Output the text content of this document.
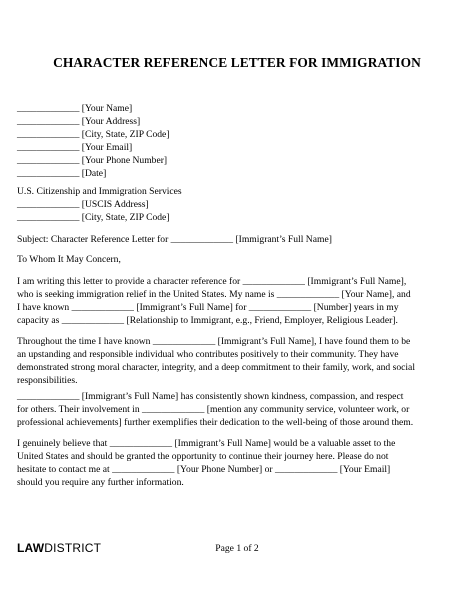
CHARACTER REFERENCE LETTER FOR IMMIGRATION
_____________ [Your Name]
_____________ [Your Address]
_____________ [City, State, ZIP Code]
_____________ [Your Email]
_____________ [Your Phone Number]
_____________ [Date]
U.S. Citizenship and Immigration Services
_____________ [USCIS Address]
_____________ [City, State, ZIP Code]
Subject: Character Reference Letter for _____________ [Immigrant’s Full Name]
To Whom It May Concern,
I am writing this letter to provide a character reference for _____________ [Immigrant’s Full Name],
who is seeking immigration relief in the United States. My name is _____________ [Your Name], and
I have known _____________ [Immigrant’s Full Name] for _____________ [Number] years in my
capacity as _____________ [Relationship to Immigrant, e.g., Friend, Employer, Religious Leader].
Throughout the time I have known _____________ [Immigrant’s Full Name], I have found them to be
an upstanding and responsible individual who contributes positively to their community. They have
demonstrated strong moral character, integrity, and a deep commitment to their family, work, and social
responsibilities.
_____________ [Immigrant’s Full Name] has consistently shown kindness, compassion, and respect
for others. Their involvement in _____________ [mention any community service, volunteer work, or
professional achievements] further exemplifies their dedication to the well-being of those around them.
I genuinely believe that _____________ [Immigrant’s Full Name] would be a valuable asset to the
United States and should be granted the opportunity to continue their journey here. Please do not
hesitate to contact me at _____________ [Your Phone Number] or _____________ [Your Email]
should you require any further information.
LAWDISTRICT	Page 1 of 2
